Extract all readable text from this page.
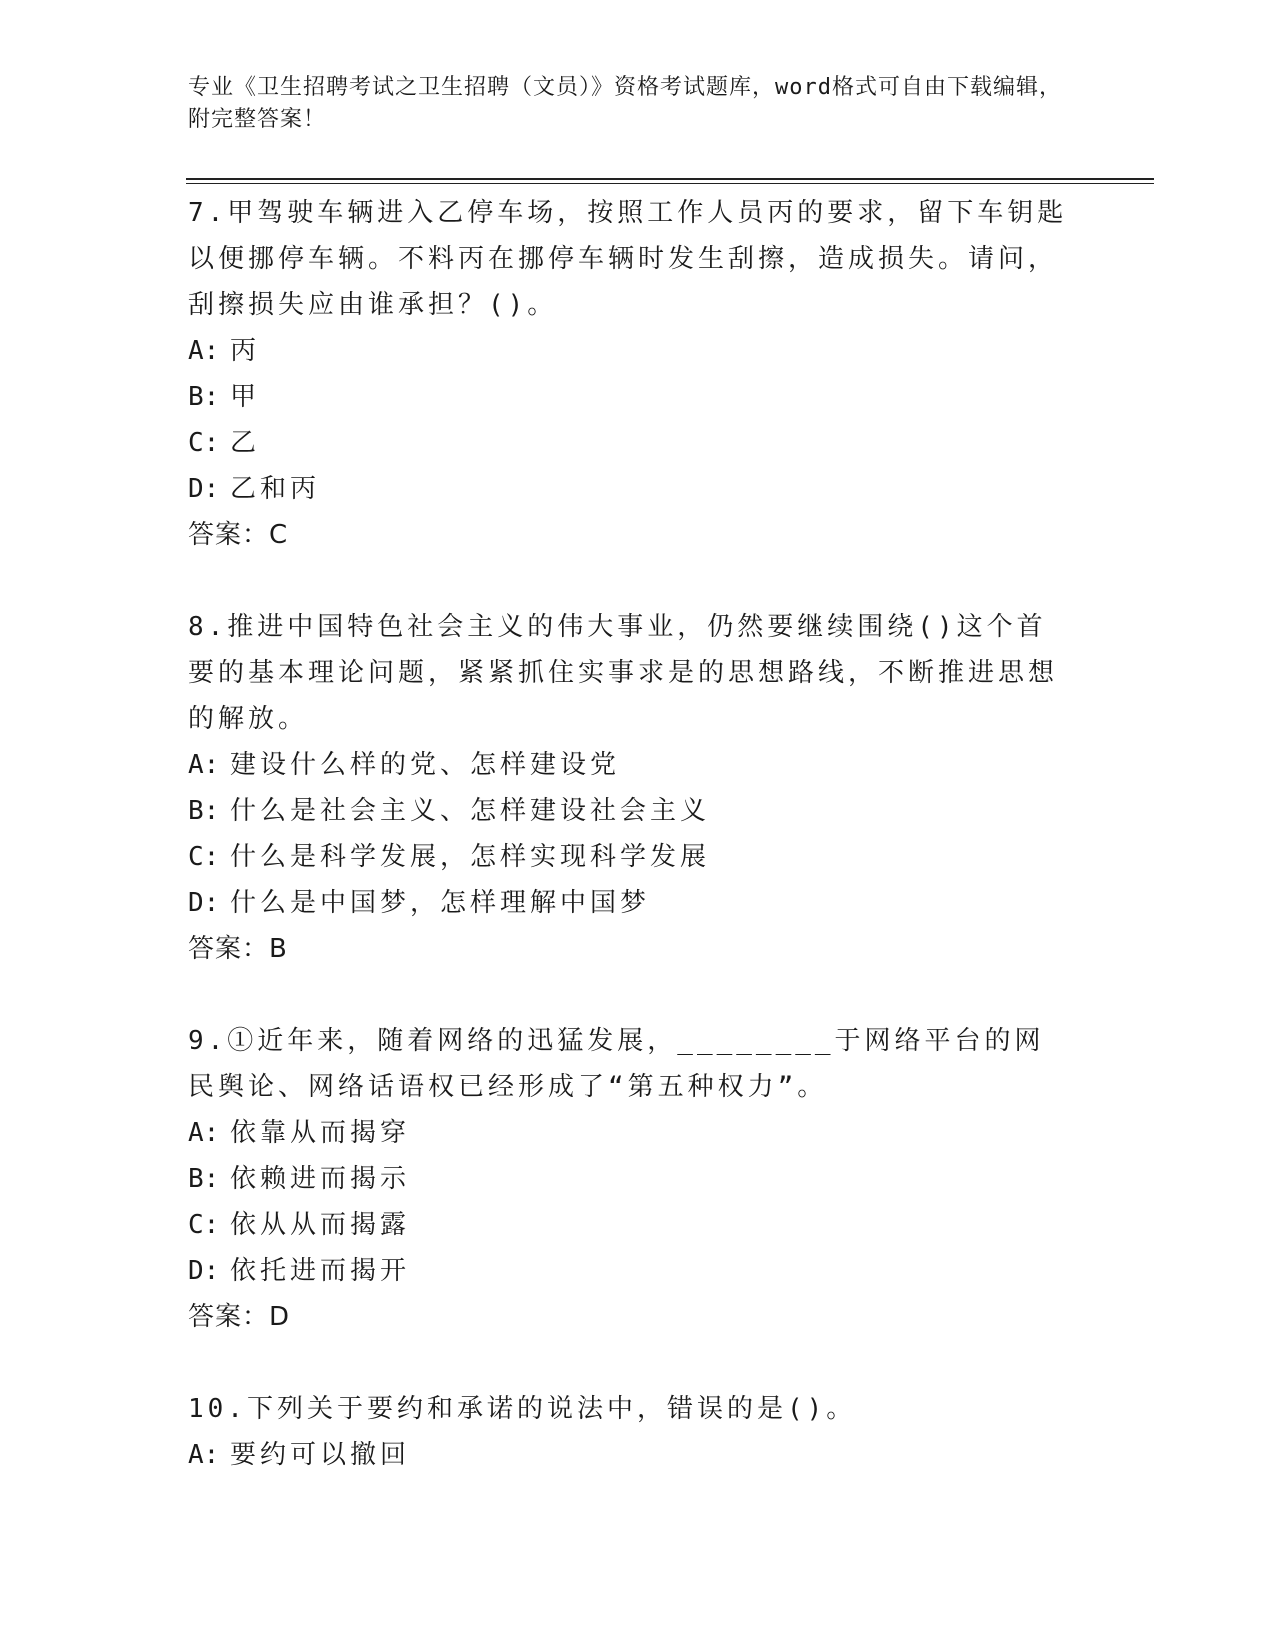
专业《卫生招聘考试之卫生招聘（文员）》资格考试题库，word格式可自由下载编辑，附完整答案！

7.甲驾驶车辆进入乙停车场，按照工作人员丙的要求，留下车钥匙以便挪停车辆。不料丙在挪停车辆时发生刮擦，造成损失。请问，刮擦损失应由谁承担？()。

A: 丙
B: 甲
C: 乙
D: 乙和丙

答案：C

8.推进中国特色社会主义的伟大事业，仍然要继续围绕()这个首要的基本理论问题，紧紧抓住实事求是的思想路线，不断推进思想的解放。

A: 建设什么样的党、怎样建设党
B: 什么是社会主义、怎样建设社会主义
C: 什么是科学发展，怎样实现科学发展
D: 什么是中国梦，怎样理解中国梦

答案：B

9.①近年来，随着网络的迅猛发展，________于网络平台的网民舆论、网络话语权已经形成了“第五种权力”。

A: 依靠从而揭穿
B: 依赖进而揭示
C: 依从从而揭露
D: 依托进而揭开

答案：D

10.下列关于要约和承诺的说法中，错误的是()。

A: 要约可以撤回
